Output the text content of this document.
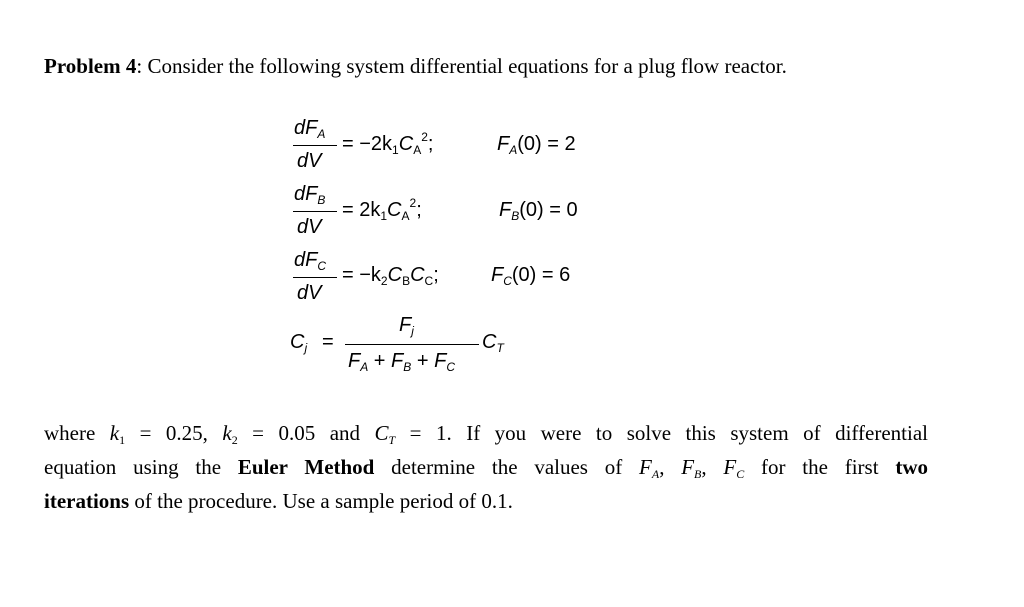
Problem 4: Consider the following system differential equations for a plug flow reactor.
$dF_A$
dV
= $-2k_1C_A^2$;	$F_A(0) = 2$
$dF_B$
dV
= $2k_1C_A^2$;	$F_B(0) = 0$
$dF_C$
dV
= $-k_2C_BC_C$;	$F_C(0) = 6$
$C_j$ =
$F_j$
$F_A + F_B + F_C$
$C_T$
where $k_1 = 0.25$, $k_2 = 0.05$ and $C_T = 1$. If you were to solve this system of differential
equation using the Euler Method determine the values of $F_A$, $F_B$, $F_C$ for the first two
iterations of the procedure. Use a sample period of 0.1.
